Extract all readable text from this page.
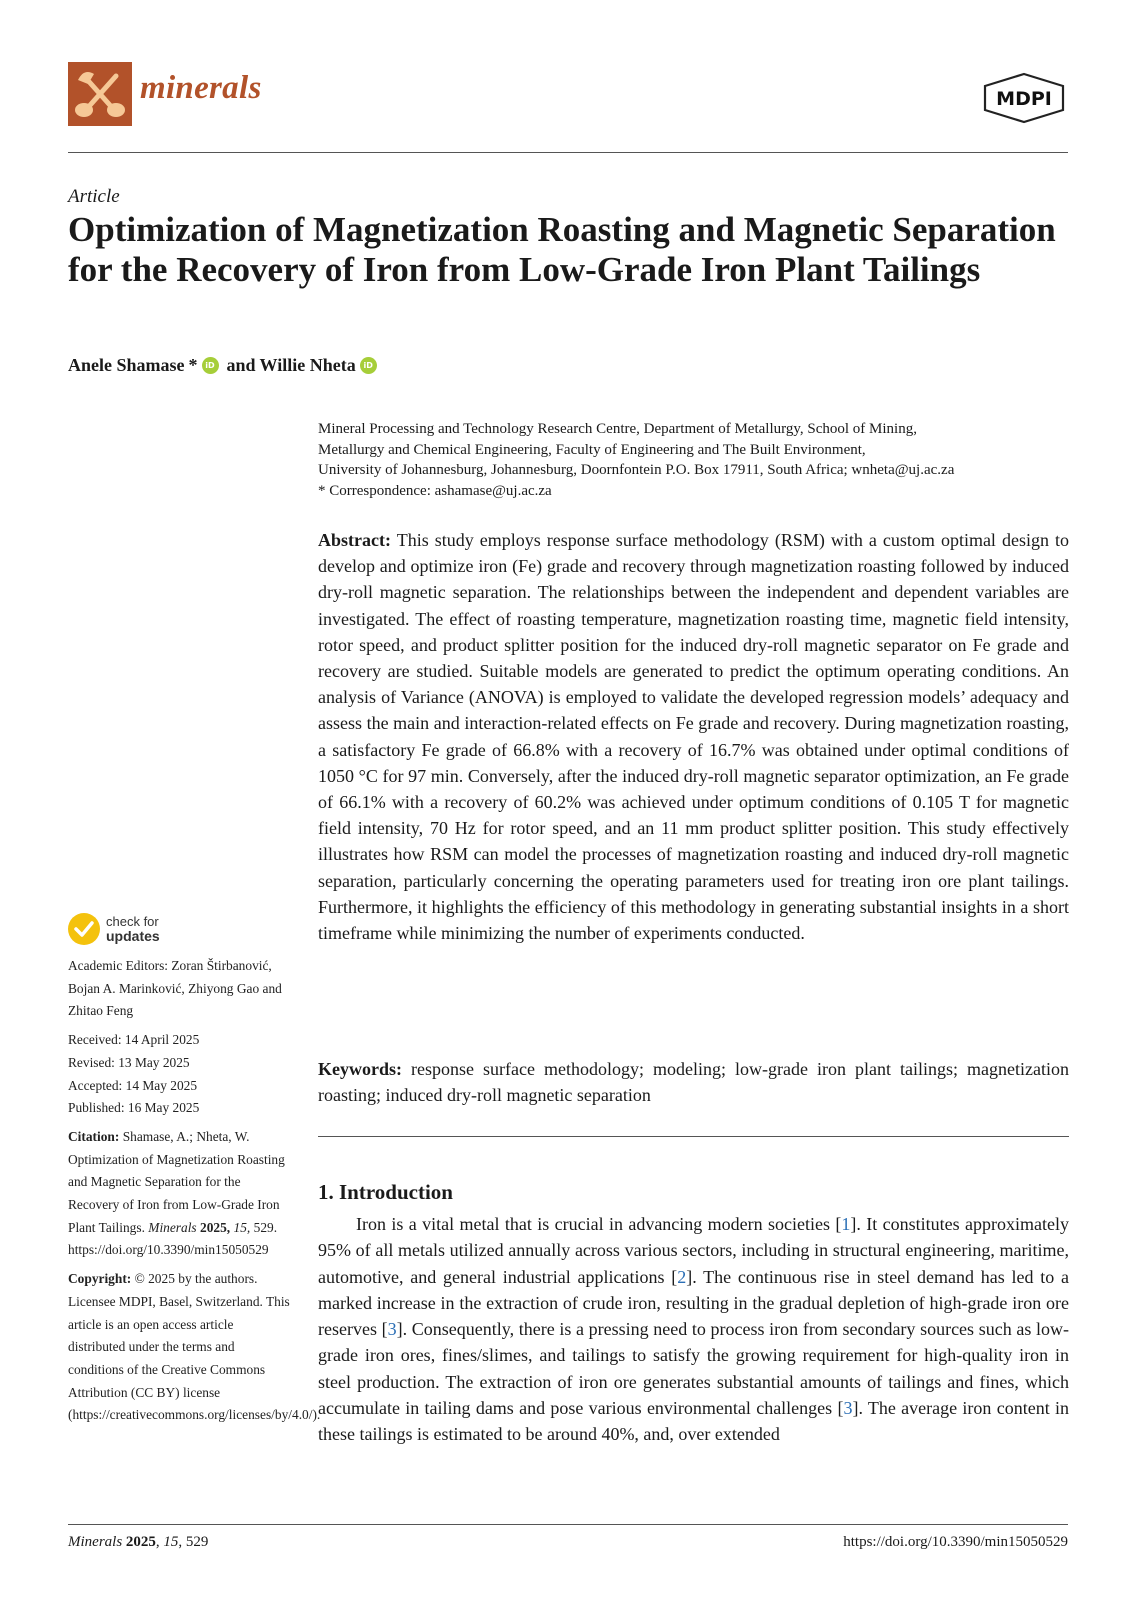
minerals	MDPI
Article
Optimization of Magnetization Roasting and Magnetic Separation for the Recovery of Iron from Low-Grade Iron Plant Tailings
Anele Shamase * iD and Willie Nheta iD
Mineral Processing and Technology Research Centre, Department of Metallurgy, School of Mining,
Metallurgy and Chemical Engineering, Faculty of Engineering and The Built Environment,
University of Johannesburg, Johannesburg, Doornfontein P.O. Box 17911, South Africa; wnheta@uj.ac.za
* Correspondence: ashamase@uj.ac.za
Abstract: This study employs response surface methodology (RSM) with a custom optimal design to develop and optimize iron (Fe) grade and recovery through magnetization roasting followed by induced dry-roll magnetic separation. The relationships between the independent and dependent variables are investigated. The effect of roasting temperature, magnetization roasting time, magnetic field intensity, rotor speed, and product splitter position for the induced dry-roll magnetic separator on Fe grade and recovery are studied. Suitable models are generated to predict the optimum operating conditions. An analysis of Variance (ANOVA) is employed to validate the developed regression models’ adequacy and assess the main and interaction-related effects on Fe grade and recovery. During magnetization roasting, a satisfactory Fe grade of 66.8% with a recovery of 16.7% was obtained under optimal conditions of 1050 °C for 97 min. Conversely, after the induced dry-roll magnetic separator optimization, an Fe grade of 66.1% with a recovery of 60.2% was achieved under optimum conditions of 0.105 T for magnetic field intensity, 70 Hz for rotor speed, and an 11 mm product splitter position. This study effectively illustrates how RSM can model the processes of magnetization roasting and induced dry-roll magnetic separation, particularly concerning the operating parameters used for treating iron ore plant tailings. Furthermore, it highlights the efficiency of this methodology in generating substantial insights in a short timeframe while minimizing the number of experiments conducted.
Keywords: response surface methodology; modeling; low-grade iron plant tailings; magnetization roasting; induced dry-roll magnetic separation
1. Introduction
Iron is a vital metal that is crucial in advancing modern societies [1]. It constitutes approximately 95% of all metals utilized annually across various sectors, including in structural engineering, maritime, automotive, and general industrial applications [2]. The continuous rise in steel demand has led to a marked increase in the extraction of crude iron, resulting in the gradual depletion of high-grade iron ore reserves [3]. Consequently, there is a pressing need to process iron from secondary sources such as low-grade iron ores, fines/slimes, and tailings to satisfy the growing requirement for high-quality iron in steel production. The extraction of iron ore generates substantial amounts of tailings and fines, which accumulate in tailing dams and pose various environmental challenges [3]. The average iron content in these tailings is estimated to be around 40%, and, over extended
check for
updates
Academic Editors: Zoran Štirbanović, Bojan A. Marinković, Zhiyong Gao and Zhitao Feng
Received: 14 April 2025
Revised: 13 May 2025
Accepted: 14 May 2025
Published: 16 May 2025
Citation: Shamase, A.; Nheta, W. Optimization of Magnetization Roasting and Magnetic Separation for the Recovery of Iron from Low-Grade Iron Plant Tailings. Minerals 2025, 15, 529. https://doi.org/10.3390/min15050529
Copyright: © 2025 by the authors. Licensee MDPI, Basel, Switzerland. This article is an open access article distributed under the terms and conditions of the Creative Commons Attribution (CC BY) license (https://creativecommons.org/licenses/by/4.0/).
Minerals 2025, 15, 529	https://doi.org/10.3390/min15050529
